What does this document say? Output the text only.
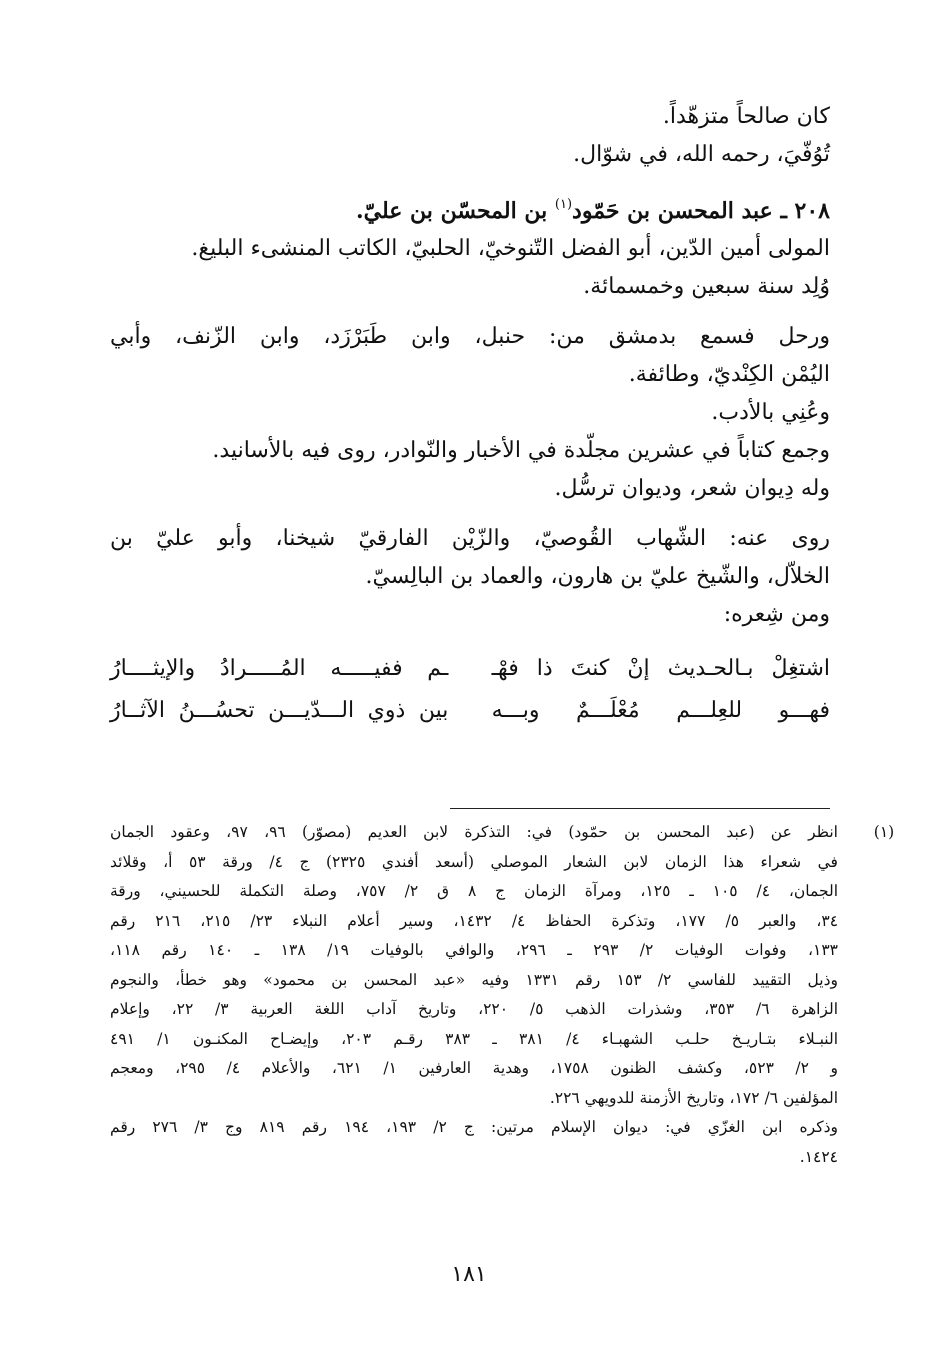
كان صالحاً متزهّداً.
تُوُفّيَ، رحمه الله، في شوّال.
٢٠٨ ـ عبد المحسن بن حَمّود$^{(١)}$ بن المحسّن بن عليّ.
المولى أمين الدّين، أبو الفضل التّنوخيّ، الحلبيّ، الكاتب المنشىء البليغ.
وُلِد سنة سبعين وخمسمائة.
ورحل فسمع بدمشق من: حنبل، وابن طَبَرْزَد، وابن الزّنف، وأبي
اليُمْن الكِنْديّ، وطائفة.
وعُنِي بالأدب.
وجمع كتاباً في عشرين مجلّدة في الأخبار والنّوادر، روى فيه بالأسانيد.
وله دِيوان شعر، وديوان ترسُّل.
روى عنه: الشّهاب القُوصيّ، والزّيْن الفارقيّ شيخنا، وأبو عليّ بن
الخلاّل، والشّيخ عليّ بن هارون، والعماد بن البالِسيّ.
ومن شِعره:
اشتغِلْ بـالحـديث إنْ كنتَ ذا فهْـ
ـم ففيـــــه المُـــــرادُ والإيثــــارُ
فهـــو للعِلـــم مُعْلَـــمٌ وبـــه
بين ذوي الـــدّيـــن تحسُـــنُ الآثــارُ
(١)
انظر عن (عبد المحسن بن حمّود) في: التذكرة لابن العديم (مصوّر) ٩٦، ٩٧، وعقود الجمان
في شعراء هذا الزمان لابن الشعار الموصلي (أسعد أفندي ٢٣٢٥) ج ٤/ ورقة ٥٣ أ، وقلائد
الجمان، ٤/ ١٠٥ ـ ١٢٥، ومرآة الزمان ج ٨ ق ٢/ ٧٥٧، وصلة التكملة للحسيني، ورقة
٣٤، والعبر ٥/ ١٧٧، وتذكرة الحفاظ ٤/ ١٤٣٢، وسير أعلام النبلاء ٢٣/ ٢١٥، ٢١٦ رقم
١٣٣، وفوات الوفيات ٢/ ٢٩٣ ـ ٢٩٦، والوافي بالوفيات ١٩/ ١٣٨ ـ ١٤٠ رقم ١١٨،
وذيل التقييد للفاسي ٢/ ١٥٣ رقم ١٣٣١ وفيه «عبد المحسن بن محمود» وهو خطأ، والنجوم
الزاهرة ٦/ ٣٥٣، وشذرات الذهب ٥/ ٢٢٠، وتاريخ آداب اللغة العربية ٣/ ٢٢، وإعلام
النبـلاء بتـاريـخ حلـب الشهبـاء ٤/ ٣٨١ ـ ٣٨٣ رقـم ٢٠٣، وإيضـاح المكنـون ١/ ٤٩١
و ٢/ ٥٢٣، وكشف الظنون ١٧٥٨، وهدية العارفين ١/ ٦٢١، والأعلام ٤/ ٢٩٥، ومعجم
المؤلفين ٦/ ١٧٢، وتاريخ الأزمنة للدويهي ٢٢٦.
وذكره ابن الغزّي في: ديوان الإسلام مرتين: ج ٢/ ١٩٣، ١٩٤ رقم ٨١٩ وج ٣/ ٢٧٦ رقم
١٤٢٤.
١٨١
